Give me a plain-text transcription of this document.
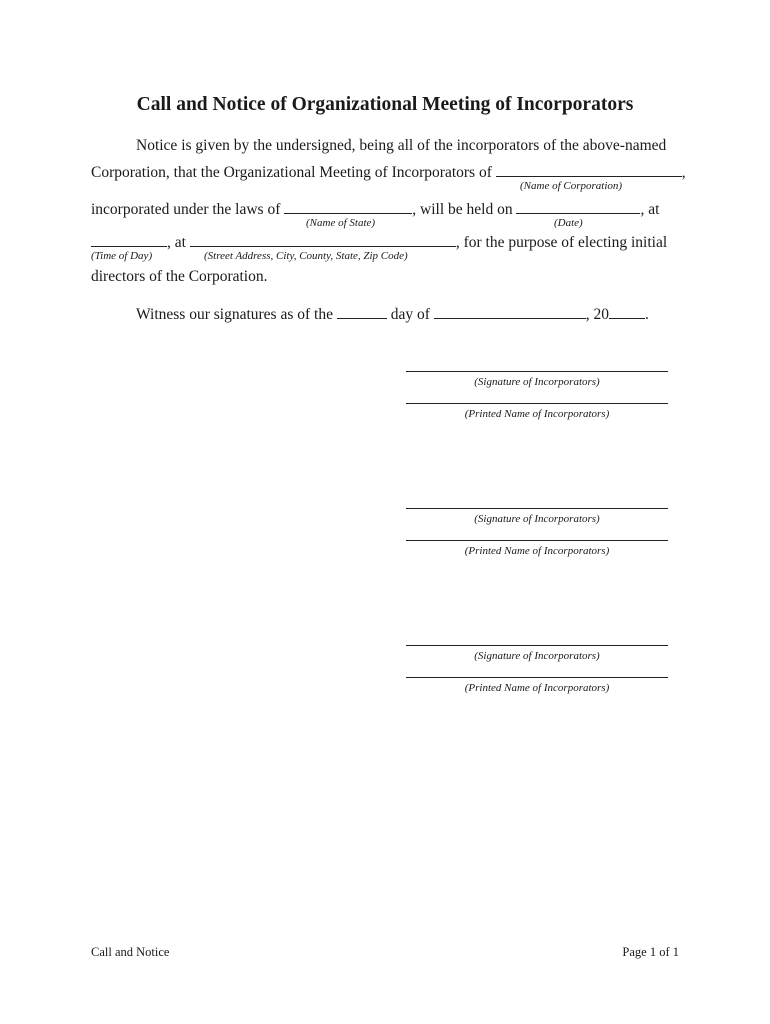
Call and Notice of Organizational Meeting of Incorporators
Notice is given by the undersigned, being all of the incorporators of the above-named
Corporation, that the Organizational Meeting of Incorporators of	,
(Name of Corporation)
incorporated under the laws of	, will be held on	, at
(Name of State)	(Date)
, at	, for the purpose of electing initial
(Time of Day)	(Street Address, City, County, State, Zip Code)
directors of the Corporation.
Witness our signatures as of the	day of	, 20 .
(Signature of Incorporators)
(Printed Name of Incorporators)
(Signature of Incorporators)
(Printed Name of Incorporators)
(Signature of Incorporators)
(Printed Name of Incorporators)
Call and Notice	Page 1 of 1
